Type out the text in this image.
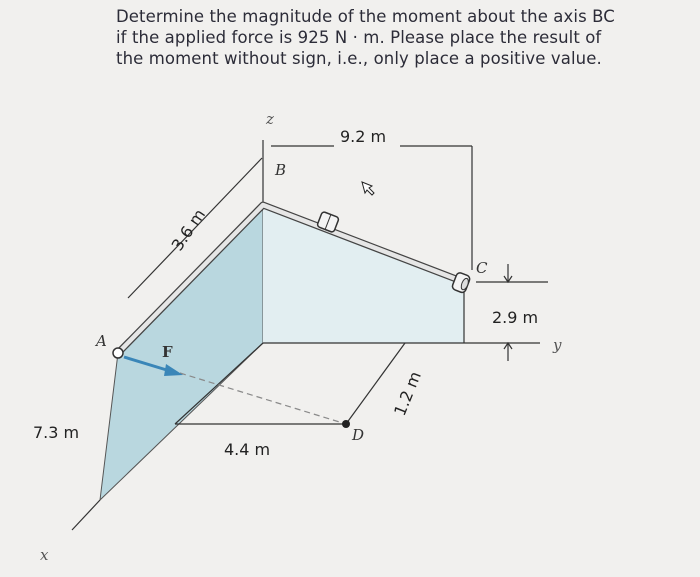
Determine the magnitude of the moment about the axis BC
if the applied force is 925 N · m. Please place the result of
the moment without sign, i.e., only place a positive value.
z
y
x
9.2 m
3.6 m
2.9 m
1.2 m
7.3 m
4.4 m
F
A
B
C
D
